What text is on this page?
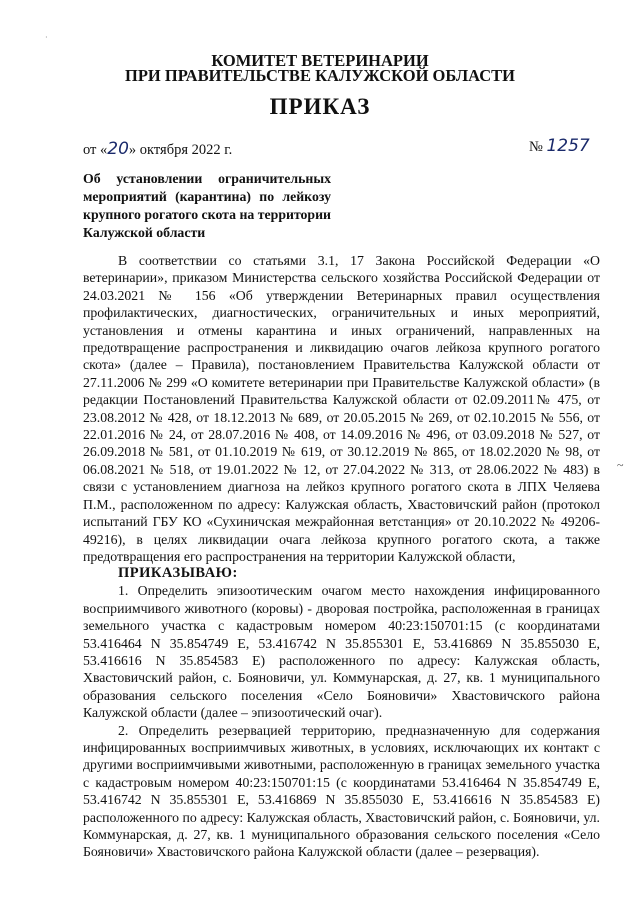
·
КОМИТЕТ ВЕТЕРИНАРИИ
ПРИ ПРАВИТЕЛЬСТВЕ КАЛУЖСКОЙ ОБЛАСТИ
ПРИКАЗ
от «20» октября 2022 г.	№ 1257
Об установлении ограничительных мероприятий (карантина) по лейкозу крупного рогатого скота на территории Калужской области

В соответствии со статьями 3.1, 17 Закона Российской Федерации «О ветеринарии», приказом Министерства сельского хозяйства Российской Федерации от 24.03.2021 № 156 «Об утверждении Ветеринарных правил осуществления профилактических, диагностических, ограничительных и иных мероприятий, установления и отмены карантина и иных ограничений, направленных на предотвращение распространения и ликвидацию очагов лейкоза крупного рогатого скота» (далее – Правила), постановлением Правительства Калужской области от 27.11.2006 № 299 «О комитете ветеринарии при Правительстве Калужской области» (в редакции Постановлений Правительства Калужской области от 02.09.2011№ 475, от 23.08.2012 № 428, от 18.12.2013 № 689, от 20.05.2015 № 269, от 02.10.2015 № 556, от 22.01.2016 № 24, от 28.07.2016 № 408, от 14.09.2016 № 496, от 03.09.2018 № 527, от 26.09.2018 № 581, от 01.10.2019 № 619, от 30.12.2019 № 865, от 18.02.2020 № 98, от 06.08.2021 № 518, от 19.01.2022 № 12, от 27.04.2022 № 313, от 28.06.2022 № 483) в связи с установлением диагноза на лейкоз крупного рогатого скота в ЛПХ Челяева П.М., расположенном по адресу: Калужская область, Хвастовичский район (протокол испытаний ГБУ КО «Сухиничская межрайонная ветстанция» от 20.10.2022 № 49206-49216), в целях ликвидации очага лейкоза крупного рогатого скота, а также предотвращения его распространения на территории Калужской области,

ПРИКАЗЫВАЮ:

1. Определить эпизоотическим очагом место нахождения инфицированного восприимчивого животного (коровы) - дворовая постройка, расположенная в границах земельного участка с кадастровым номером 40:23:150701:15 (с координатами 53.416464 N 35.854749 E, 53.416742 N 35.855301 E, 53.416869 N 35.855030 E, 53.416616 N 35.854583 E) расположенного по адресу: Калужская область, Хвастовичский район, с. Бояновичи, ул. Коммунарская, д. 27, кв. 1 муниципального образования сельского поселения «Село Бояновичи» Хвастовичского района Калужской области (далее – эпизоотический очаг).

2. Определить резервацией территорию, предназначенную для содержания инфицированных восприимчивых животных, в условиях, исключающих их контакт с другими восприимчивыми животными, расположенную в границах земельного участка с кадастровым номером 40:23:150701:15 (с координатами 53.416464 N 35.854749 E, 53.416742 N 35.855301 E, 53.416869 N 35.855030 E, 53.416616 N 35.854583 E) расположенного по адресу: Калужская область, Хвастовичский район, с. Бояновичи, ул. Коммунарская, д. 27, кв. 1 муниципального образования сельского поселения «Село Бояновичи» Хвастовичского района Калужской области (далее – резервация).

~
